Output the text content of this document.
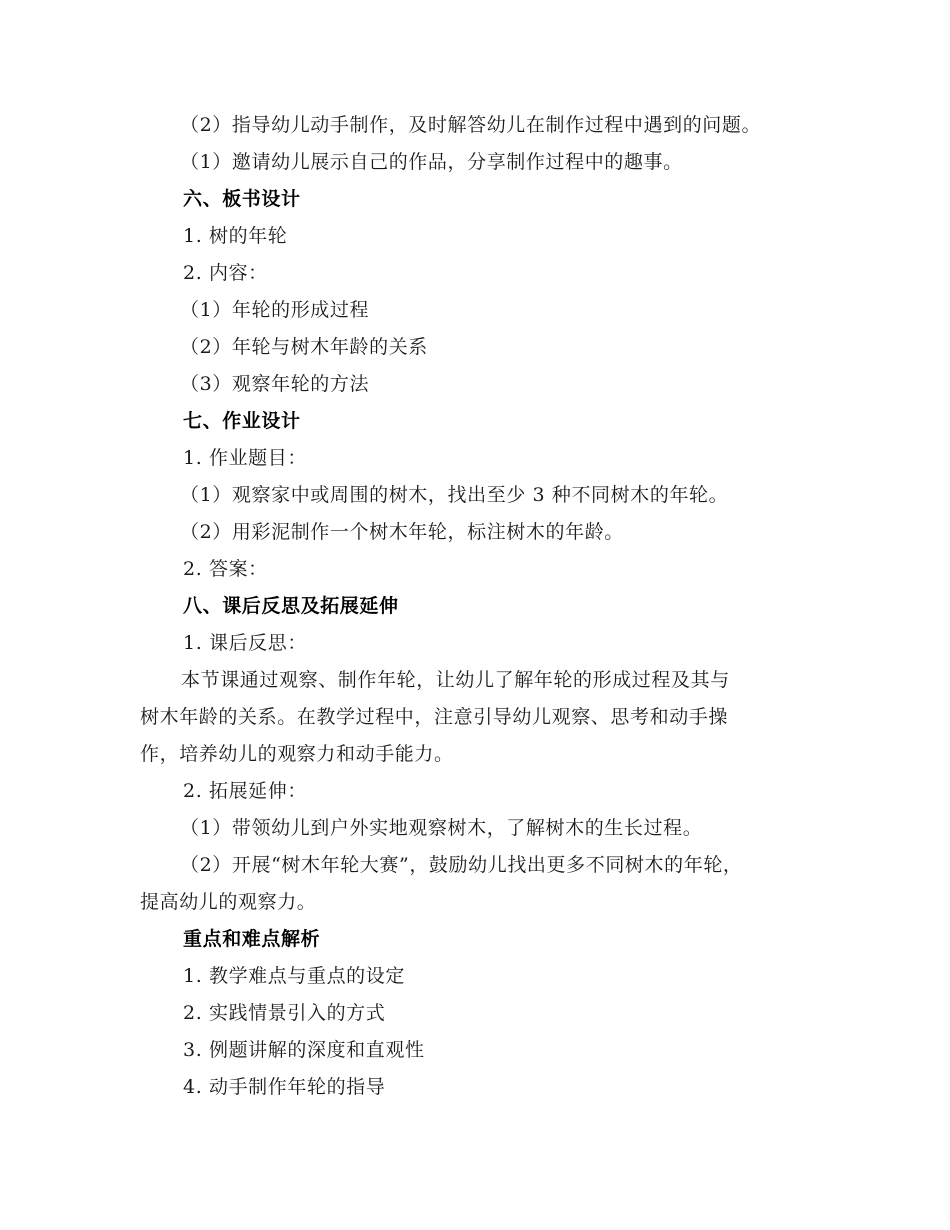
（2）指导幼儿动手制作，及时解答幼儿在制作过程中遇到的问题。
（1）邀请幼儿展示自己的作品，分享制作过程中的趣事。
六、板书设计
1. 树的年轮
2. 内容：
（1）年轮的形成过程
（2）年轮与树木年龄的关系
（3）观察年轮的方法
七、作业设计
1. 作业题目：
（1）观察家中或周围的树木，找出至少 3 种不同树木的年轮。
（2）用彩泥制作一个树木年轮，标注树木的年龄。
2. 答案：
八、课后反思及拓展延伸
1. 课后反思：
本节课通过观察、制作年轮，让幼儿了解年轮的形成过程及其与
树木年龄的关系。在教学过程中，注意引导幼儿观察、思考和动手操
作，培养幼儿的观察力和动手能力。
2. 拓展延伸：
（1）带领幼儿到户外实地观察树木，了解树木的生长过程。
（2）开展“树木年轮大赛”，鼓励幼儿找出更多不同树木的年轮，
提高幼儿的观察力。
重点和难点解析
1. 教学难点与重点的设定
2. 实践情景引入的方式
3. 例题讲解的深度和直观性
4. 动手制作年轮的指导
